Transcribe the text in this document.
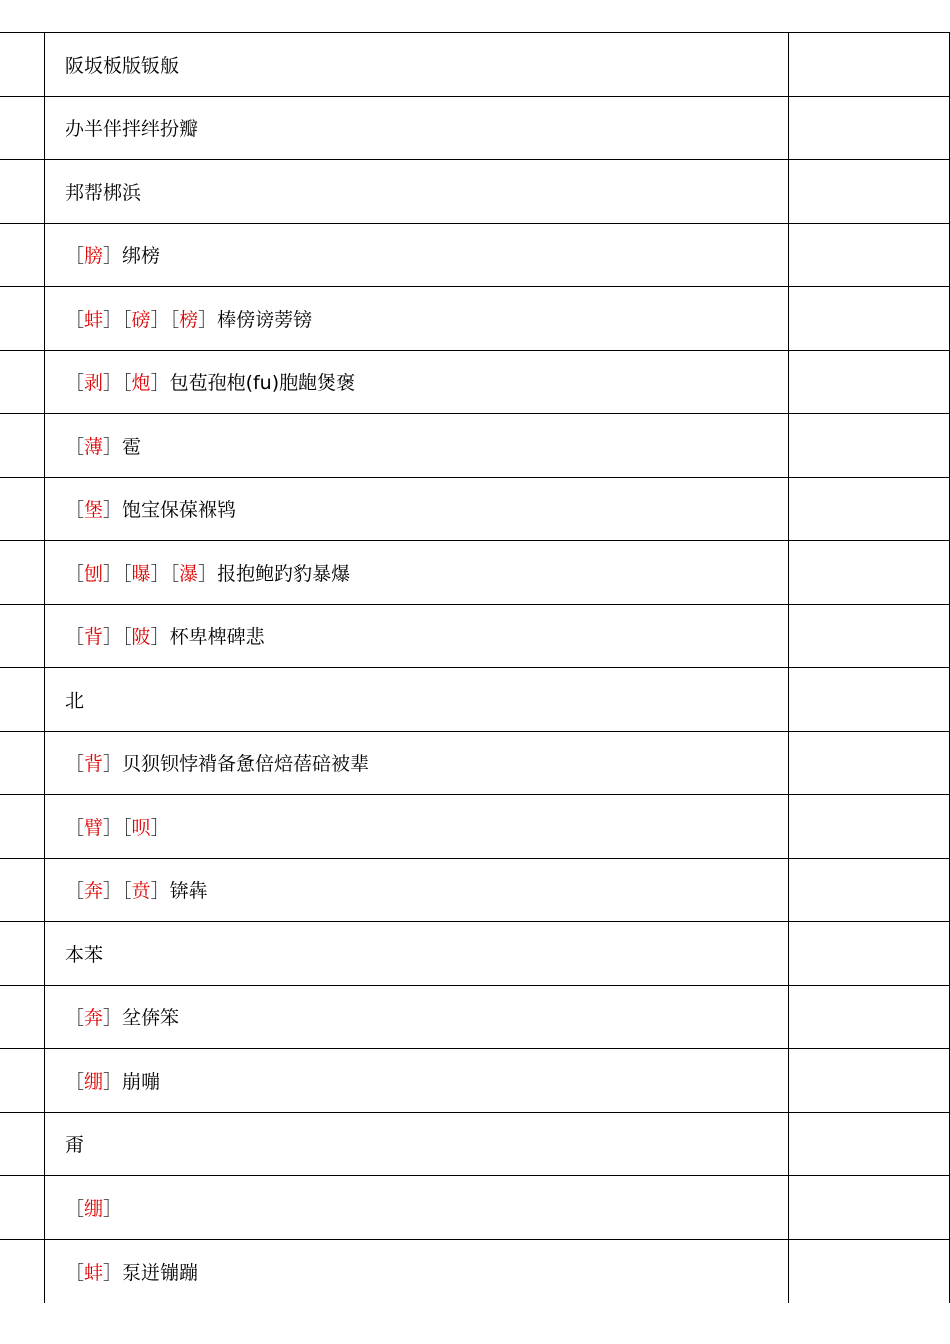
阪坂板版钣舨
办半伴拌绊扮瓣
邦帮梆浜
［ 膀 ］绑榜
［ 蚌 ］［ 磅 ］［ 榜 ］棒傍谤蒡镑
［ 剥 ］［ 炮 ］包苞孢枹(fu)胞龅煲褒
［ 薄 ］雹
［ 堡 ］饱宝保葆褓鸨
［ 刨 ］［ 曝 ］［ 瀑 ］报抱鲍趵豹暴爆
［ 背 ］［ 陂 ］杯卑椑碑悲
北
［ 背 ］贝狈钡悖褙备惫倍焙蓓碚被辈
［ 臂 ］［ 呗 ］
［ 奔 ］［ 贲 ］锛犇
本苯
［ 奔 ］坌倴笨
［ 绷 ］崩嘣
甭
［ 绷 ］
［ 蚌 ］泵迸镚蹦
